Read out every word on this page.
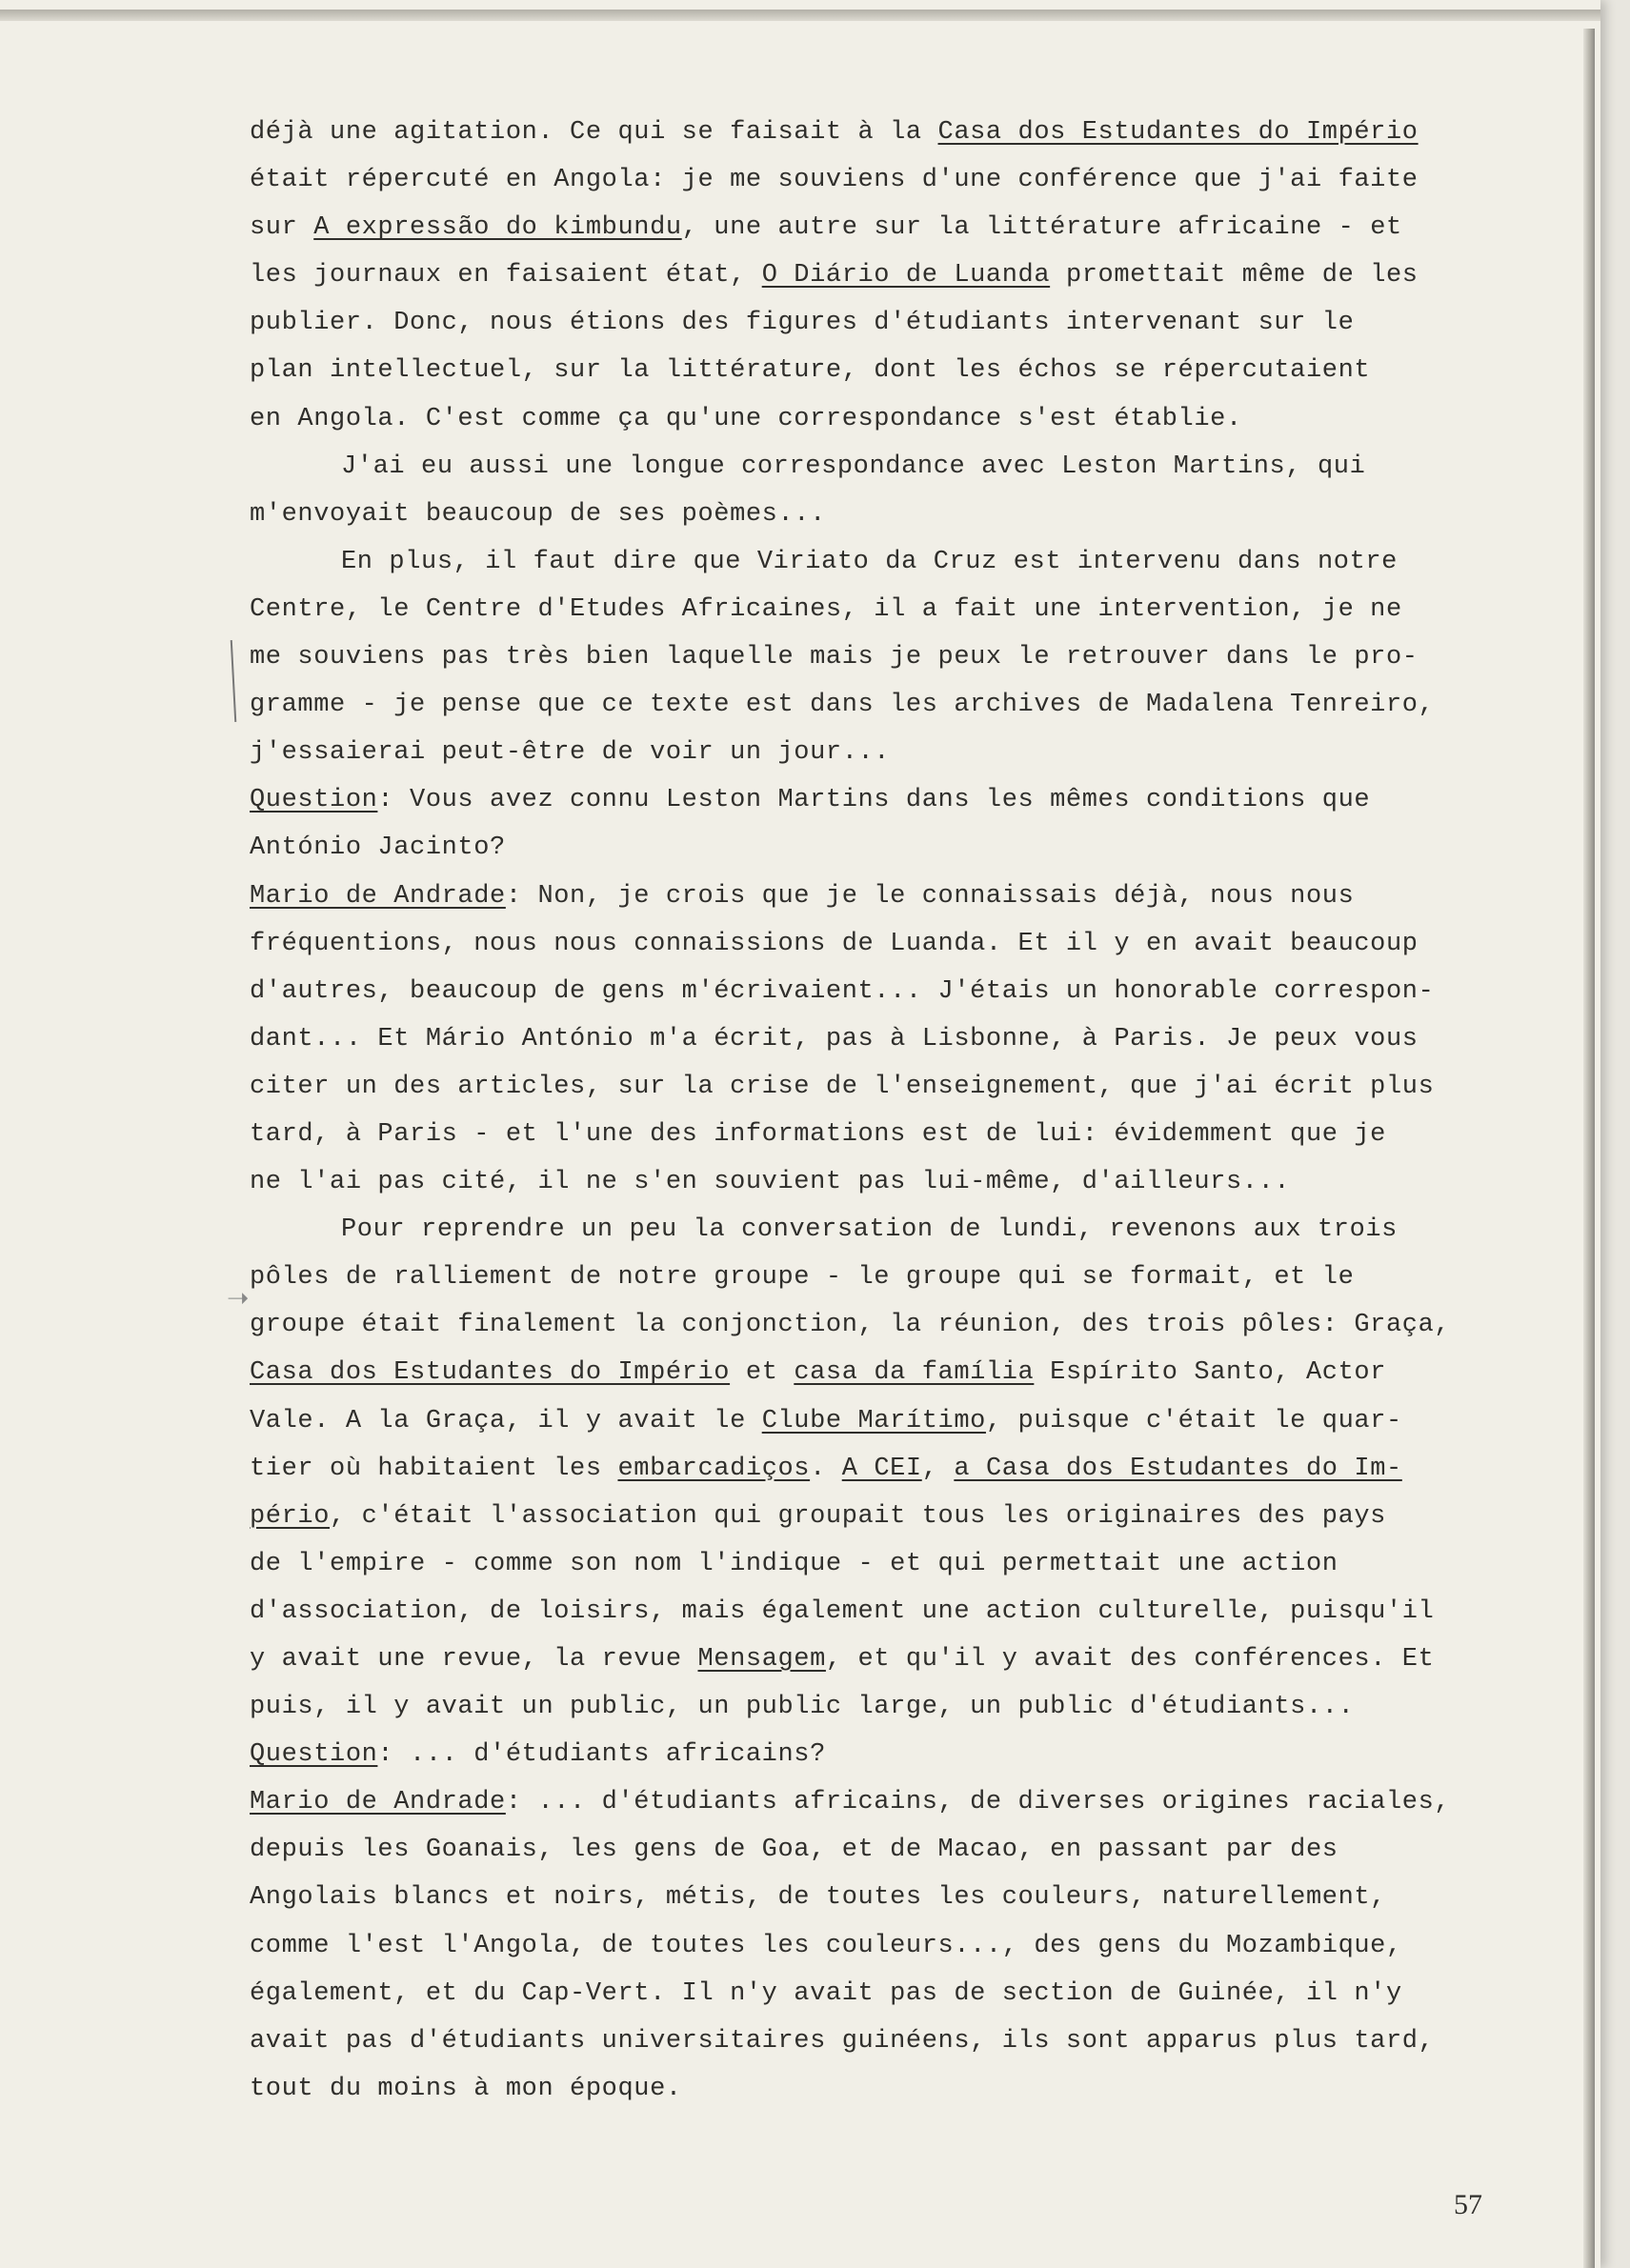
➝
déjà une agitation. Ce qui se faisait à la Casa dos Estudantes do Império
était répercuté en Angola: je me souviens d'une conférence que j'ai faite
sur A expressão do kimbundu, une autre sur la littérature africaine - et
les journaux en faisaient état, O Diário de Luanda promettait même de les
publier. Donc, nous étions des figures d'étudiants intervenant sur le
plan intellectuel, sur la littérature, dont les échos se répercutaient
en Angola. C'est comme ça qu'une correspondance s'est établie.
J'ai eu aussi une longue correspondance avec Leston Martins, qui
m'envoyait beaucoup de ses poèmes...
En plus, il faut dire que Viriato da Cruz est intervenu dans notre
Centre, le Centre d'Etudes Africaines, il a fait une intervention, je ne
me souviens pas très bien laquelle mais je peux le retrouver dans le pro-
gramme - je pense que ce texte est dans les archives de Madalena Tenreiro,
j'essaierai peut-être de voir un jour...
Question: Vous avez connu Leston Martins dans les mêmes conditions que
António Jacinto?
Mario de Andrade: Non, je crois que je le connaissais déjà, nous nous
fréquentions, nous nous connaissions de Luanda. Et il y en avait beaucoup
d'autres, beaucoup de gens m'écrivaient... J'étais un honorable correspon-
dant... Et Mário António m'a écrit, pas à Lisbonne, à Paris. Je peux vous
citer un des articles, sur la crise de l'enseignement, que j'ai écrit plus
tard, à Paris - et l'une des informations est de lui: évidemment que je
ne l'ai pas cité, il ne s'en souvient pas lui-même, d'ailleurs...
Pour reprendre un peu la conversation de lundi, revenons aux trois
pôles de ralliement de notre groupe - le groupe qui se formait, et le
groupe était finalement la conjonction, la réunion, des trois pôles: Graça,
Casa dos Estudantes do Império et casa da família Espírito Santo, Actor
Vale. A la Graça, il y avait le Clube Marítimo, puisque c'était le quar-
tier où habitaient les embarcadiços. A CEI, a Casa dos Estudantes do Im-
pério, c'était l'association qui groupait tous les originaires des pays
de l'empire - comme son nom l'indique - et qui permettait une action
d'association, de loisirs, mais également une action culturelle, puisqu'il
y avait une revue, la revue Mensagem, et qu'il y avait des conférences. Et
puis, il y avait un public, un public large, un public d'étudiants...
Question: ... d'étudiants africains?
Mario de Andrade: ... d'étudiants africains, de diverses origines raciales,
depuis les Goanais, les gens de Goa, et de Macao, en passant par des
Angolais blancs et noirs, métis, de toutes les couleurs, naturellement,
comme l'est l'Angola, de toutes les couleurs..., des gens du Mozambique,
également, et du Cap-Vert. Il n'y avait pas de section de Guinée, il n'y
avait pas d'étudiants universitaires guinéens, ils sont apparus plus tard,
tout du moins à mon époque.
57
